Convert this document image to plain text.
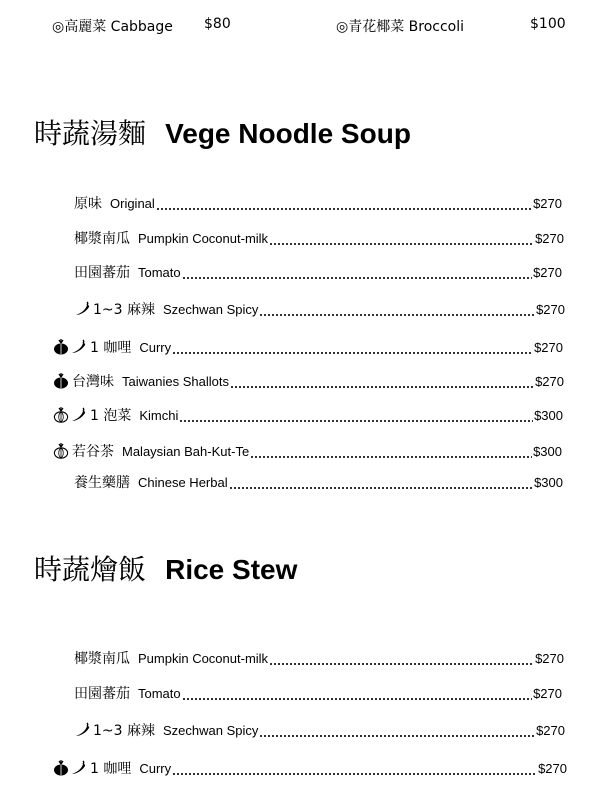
◎高麗菜 Cabbage $80	◎青花椰菜 Broccoli	$100
時蔬湯麵 Vege Noodle Soup
原味 Original	$270
椰漿南瓜 Pumpkin Coconut-milk	$270
田園蕃茄 Tomato	$270
1~3 麻辣 Szechwan Spicy	$270
1 咖哩 Curry	$270
台灣味 Taiwanies Shallots	$270
1 泡菜 Kimchi	$300
若谷茶 Malaysian Bah-Kut-Te	$300
養生藥膳 Chinese Herbal	$300
時蔬燴飯 Rice Stew
椰漿南瓜 Pumpkin Coconut-milk	$270
田園蕃茄 Tomato	$270
1~3 麻辣 Szechwan Spicy	$270
1 咖哩 Curry	$270
